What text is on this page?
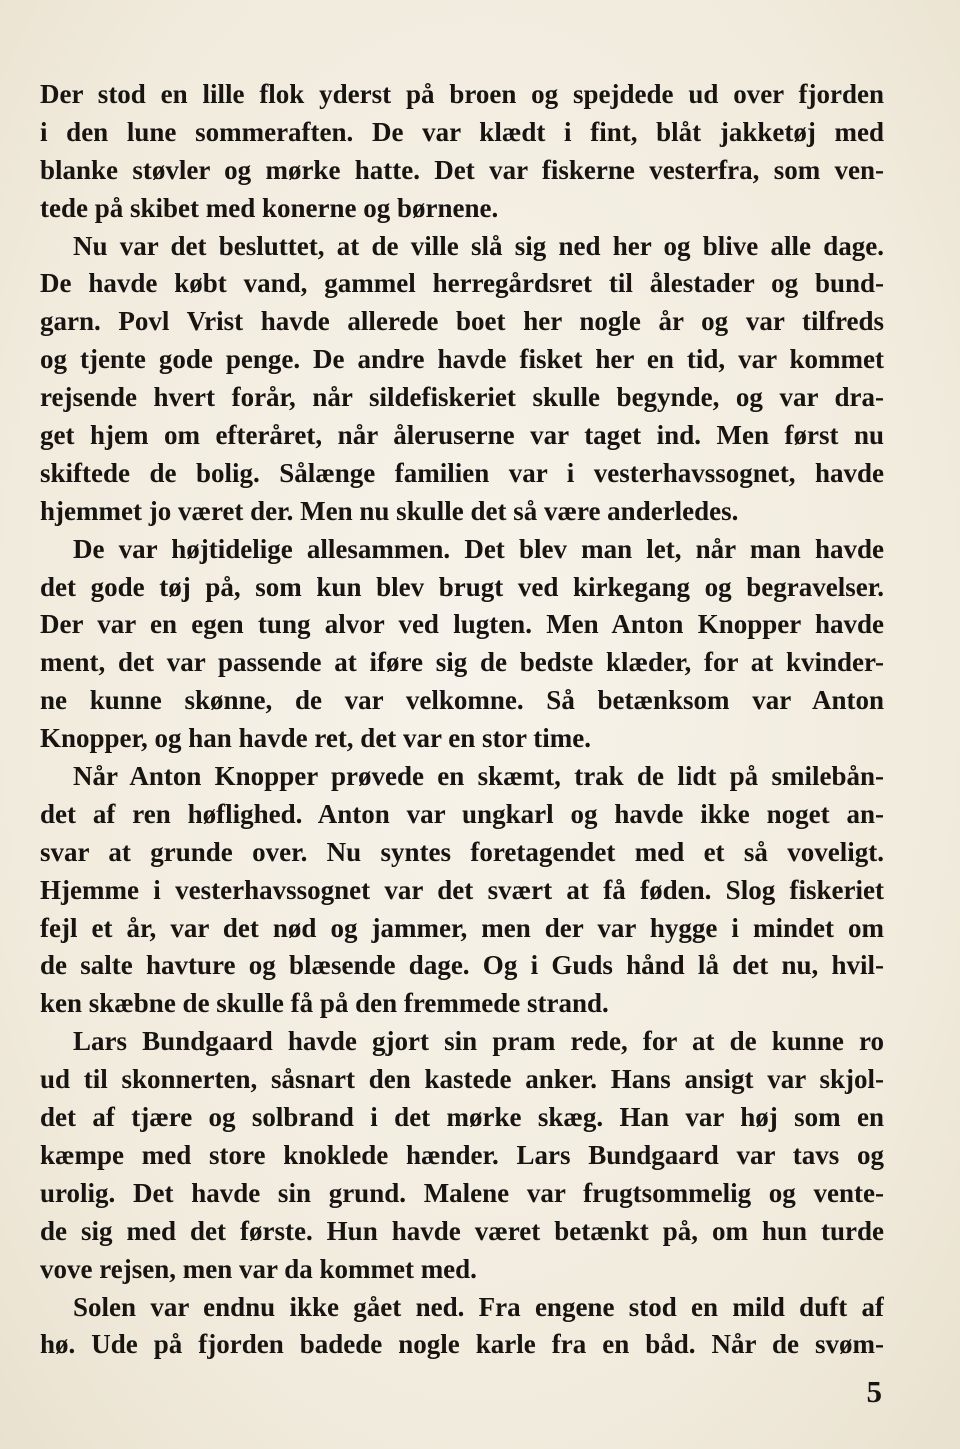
Der stod en lille flok yderst på broen og spejdede ud over fjorden
i den lune sommeraften. De var klædt i fint, blåt jakketøj med
blanke støvler og mørke hatte. Det var fiskerne vesterfra, som ven-
tede på skibet med konerne og børnene.
Nu var det besluttet, at de ville slå sig ned her og blive alle dage.
De havde købt vand, gammel herregårdsret til ålestader og bund-
garn. Povl Vrist havde allerede boet her nogle år og var tilfreds
og tjente gode penge. De andre havde fisket her en tid, var kommet
rejsende hvert forår, når sildefiskeriet skulle begynde, og var dra-
get hjem om efteråret, når åleruserne var taget ind. Men først nu
skiftede de bolig. Sålænge familien var i vesterhavssognet, havde
hjemmet jo været der. Men nu skulle det så være anderledes.
De var højtidelige allesammen. Det blev man let, når man havde
det gode tøj på, som kun blev brugt ved kirkegang og begravelser.
Der var en egen tung alvor ved lugten. Men Anton Knopper havde
ment, det var passende at iføre sig de bedste klæder, for at kvinder-
ne kunne skønne, de var velkomne. Så betænksom var Anton
Knopper, og han havde ret, det var en stor time.
Når Anton Knopper prøvede en skæmt, trak de lidt på smilebån-
det af ren høflighed. Anton var ungkarl og havde ikke noget an-
svar at grunde over. Nu syntes foretagendet med et så voveligt.
Hjemme i vesterhavssognet var det svært at få føden. Slog fiskeriet
fejl et år, var det nød og jammer, men der var hygge i mindet om
de salte havture og blæsende dage. Og i Guds hånd lå det nu, hvil-
ken skæbne de skulle få på den fremmede strand.
Lars Bundgaard havde gjort sin pram rede, for at de kunne ro
ud til skonnerten, såsnart den kastede anker. Hans ansigt var skjol-
det af tjære og solbrand i det mørke skæg. Han var høj som en
kæmpe med store knoklede hænder. Lars Bundgaard var tavs og
urolig. Det havde sin grund. Malene var frugtsommelig og vente-
de sig med det første. Hun havde været betænkt på, om hun turde
vove rejsen, men var da kommet med.
Solen var endnu ikke gået ned. Fra engene stod en mild duft af
hø. Ude på fjorden badede nogle karle fra en båd. Når de svøm-
5
